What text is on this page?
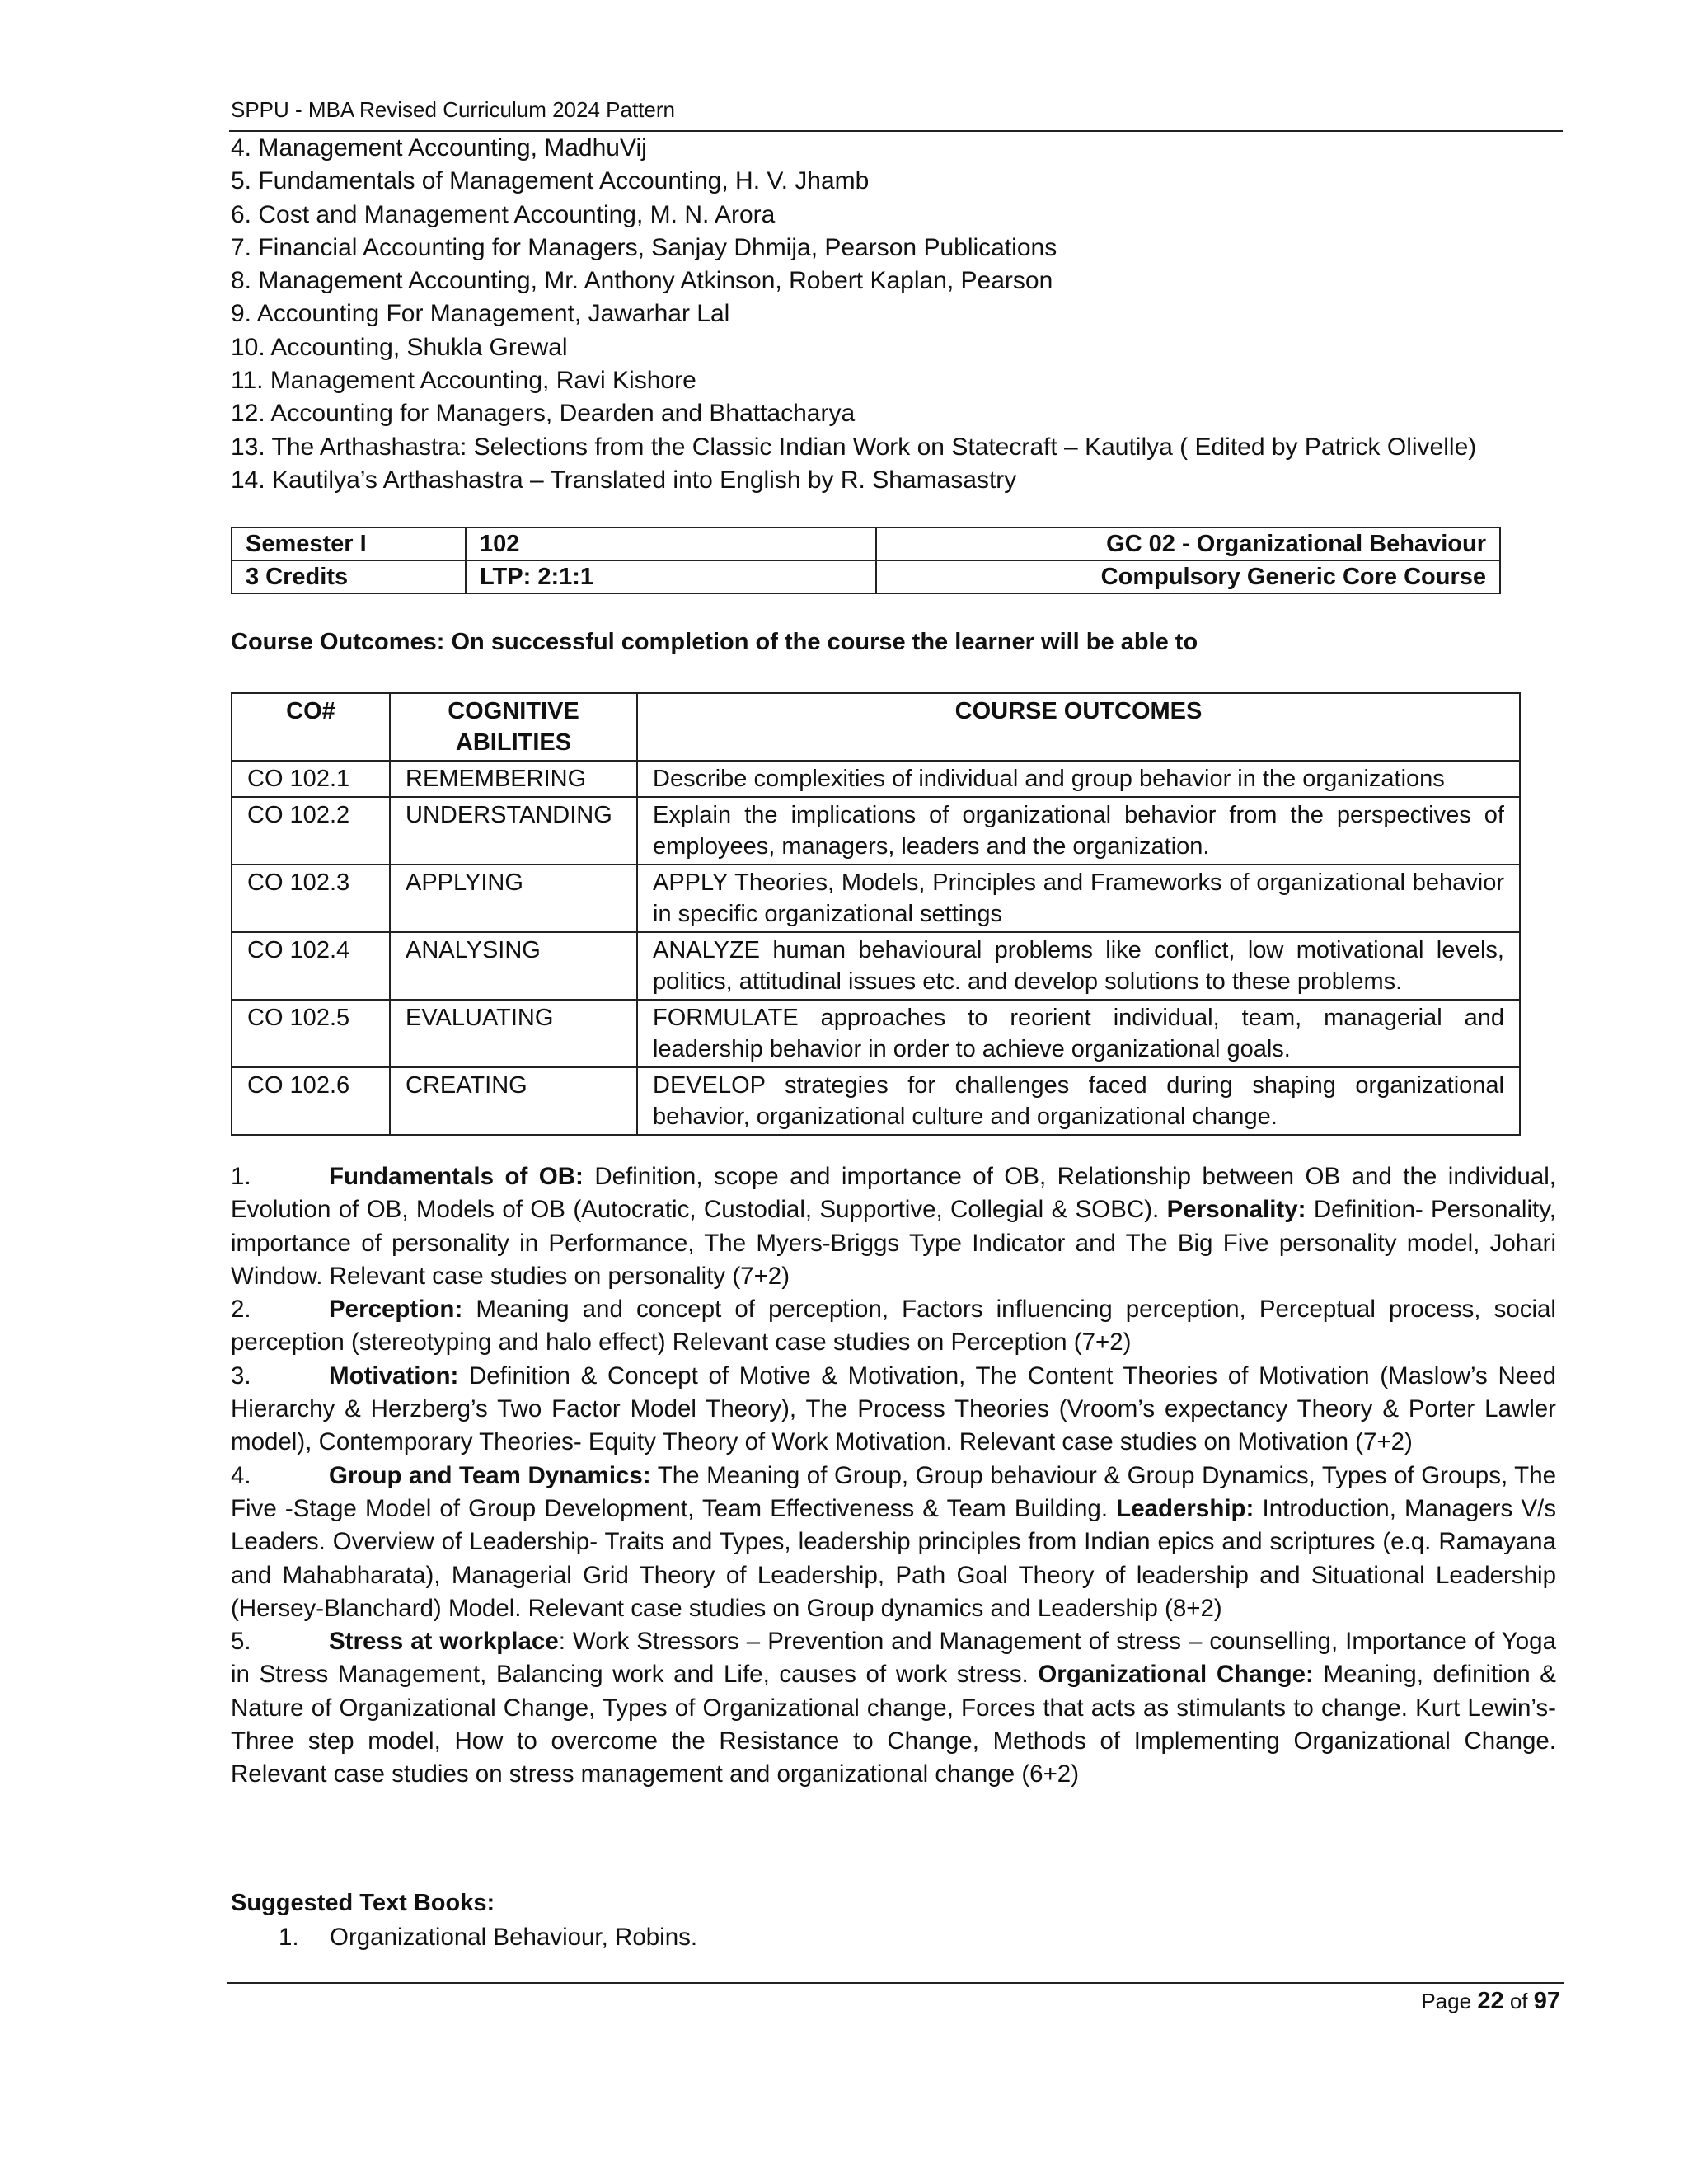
SPPU - MBA Revised Curriculum 2024 Pattern
4. Management Accounting, MadhuVij
5. Fundamentals of Management Accounting, H. V. Jhamb
6. Cost and Management Accounting, M. N. Arora
7. Financial Accounting for Managers, Sanjay Dhmija, Pearson Publications
8. Management Accounting, Mr. Anthony Atkinson, Robert Kaplan, Pearson
9. Accounting For Management, Jawarhar Lal
10. Accounting, Shukla Grewal
11. Management Accounting, Ravi Kishore
12. Accounting for Managers, Dearden and Bhattacharya
13. The Arthashastra: Selections from the Classic Indian Work on Statecraft – Kautilya ( Edited by Patrick Olivelle)
14. Kautilya’s Arthashastra – Translated into English by R. Shamasastry
Semester I	102	GC 02 - Organizational Behaviour
3 Credits	LTP: 2:1:1	Compulsory Generic Core Course
Course Outcomes: On successful completion of the course the learner will be able to
CO#	COGNITIVE ABILITIES	COURSE OUTCOMES
CO 102.1	REMEMBERING	Describe complexities of individual and group behavior in the organizations
CO 102.2	UNDERSTANDING	Explain the implications of organizational behavior from the perspectives of employees, managers, leaders and the organization.
CO 102.3	APPLYING	APPLY Theories, Models, Principles and Frameworks of organizational behavior in specific organizational settings
CO 102.4	ANALYSING	ANALYZE human behavioural problems like conflict, low motivational levels, politics, attitudinal issues etc. and develop solutions to these problems.
CO 102.5	EVALUATING	FORMULATE approaches to reorient individual, team, managerial and leadership behavior in order to achieve organizational goals.
CO 102.6	CREATING	DEVELOP strategies for challenges faced during shaping organizational behavior, organizational culture and organizational change.

1.	Fundamentals of OB: Definition, scope and importance of OB, Relationship between OB and the individual, Evolution of OB, Models of OB (Autocratic, Custodial, Supportive, Collegial & SOBC). Personality: Definition- Personality, importance of personality in Performance, The Myers-Briggs Type Indicator and The Big Five personality model, Johari Window. Relevant case studies on personality (7+2)

2.	Perception: Meaning and concept of perception, Factors influencing perception, Perceptual process, social perception (stereotyping and halo effect) Relevant case studies on Perception (7+2)

3.	Motivation: Definition & Concept of Motive & Motivation, The Content Theories of Motivation (Maslow’s Need Hierarchy & Herzberg’s Two Factor Model Theory), The Process Theories (Vroom’s expectancy Theory & Porter Lawler model), Contemporary Theories- Equity Theory of Work Motivation. Relevant case studies on Motivation (7+2)

4.	Group and Team Dynamics: The Meaning of Group, Group behaviour & Group Dynamics, Types of Groups, The Five -Stage Model of Group Development, Team Effectiveness & Team Building. Leadership: Introduction, Managers V/s Leaders. Overview of Leadership- Traits and Types, leadership principles from Indian epics and scriptures (e.q. Ramayana and Mahabharata), Managerial Grid Theory of Leadership, Path Goal Theory of leadership and Situational Leadership (Hersey-Blanchard) Model. Relevant case studies on Group dynamics and Leadership (8+2)

5.	Stress at workplace: Work Stressors – Prevention and Management of stress – counselling, Importance of Yoga in Stress Management, Balancing work and Life, causes of work stress. Organizational Change: Meaning, definition & Nature of Organizational Change, Types of Organizational change, Forces that acts as stimulants to change. Kurt Lewin’s-Three step model, How to overcome the Resistance to Change, Methods of Implementing Organizational Change. Relevant case studies on stress management and organizational change (6+2)

Suggested Text Books:
1. Organizational Behaviour, Robins.
Page 22 of 97
